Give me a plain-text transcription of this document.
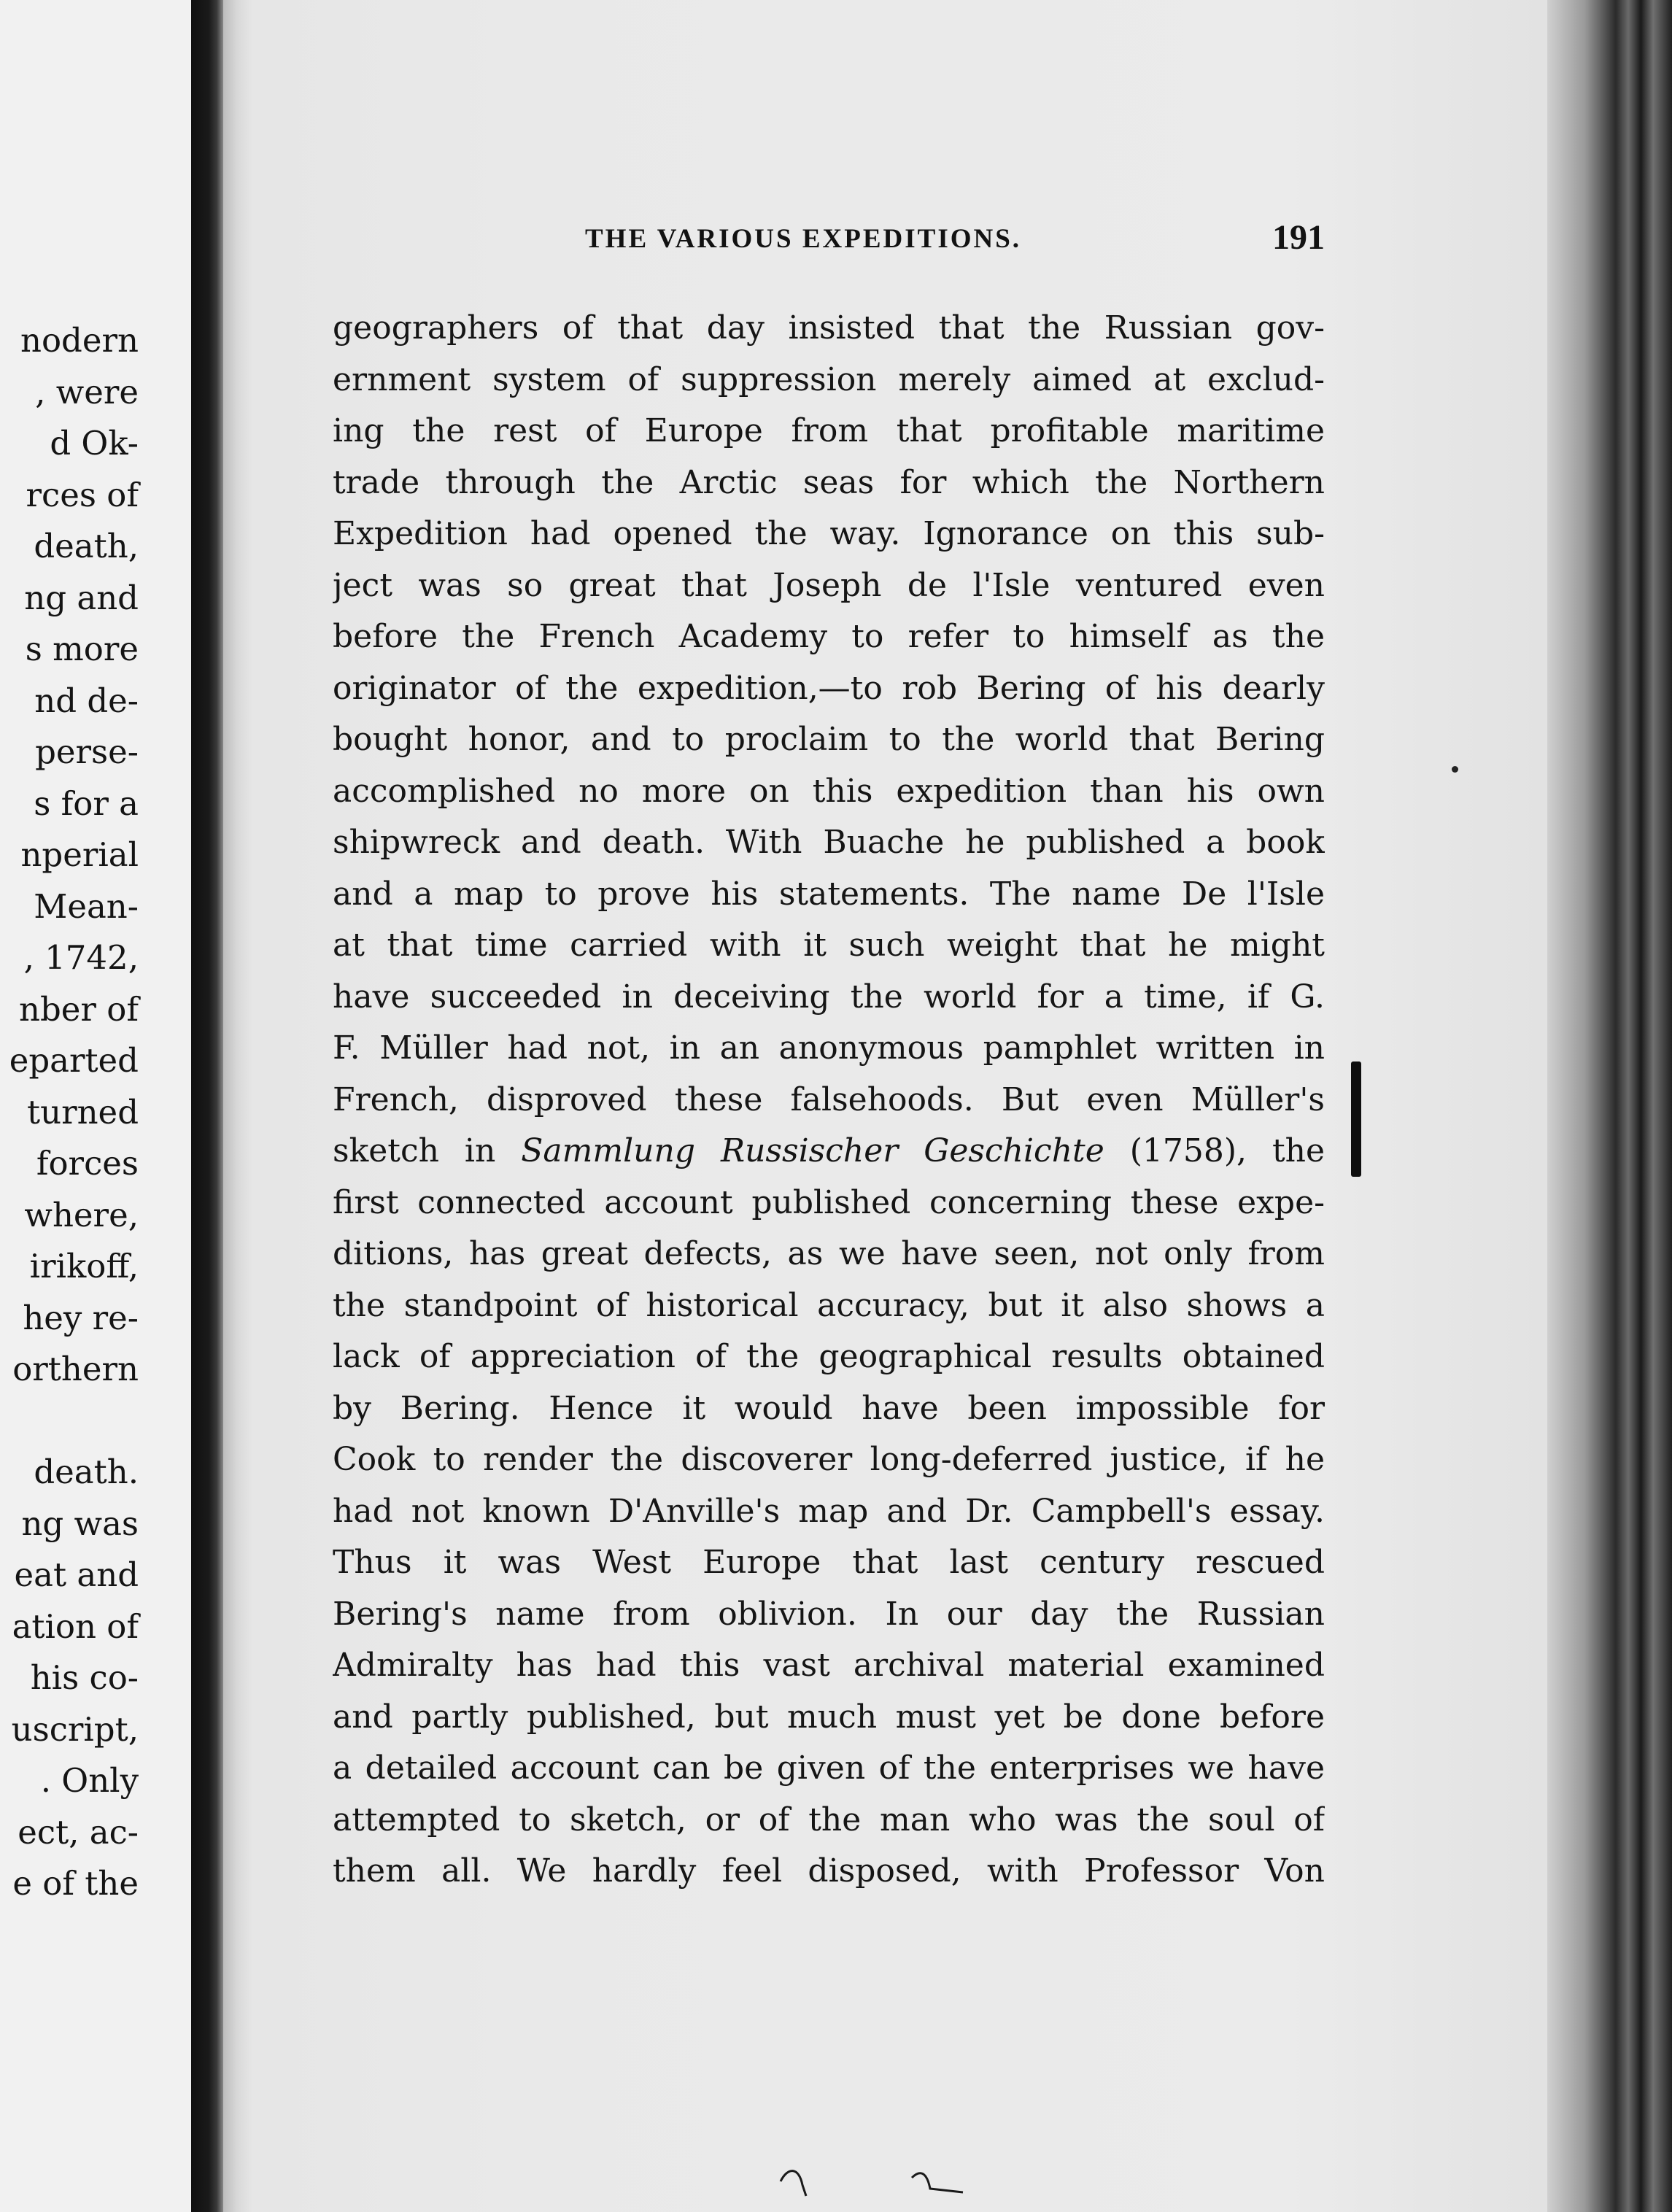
nodern
, were
d Ok-
rces of
death,
ng and
s more
nd de-
perse-
s for a
nperial
Mean-
, 1742,
nber of
eparted
turned
forces
where,
irikoff,
hey re-
orthern
death.
ng was
eat and
ation of
his co-
uscript,
. Only
ect, ac-
e of the
THE VARIOUS EXPEDITIONS.	191
geographers of that day insisted that the Russian gov-
ernment system of suppression merely aimed at exclud-
ing the rest of Europe from that profitable maritime
trade through the Arctic seas for which the Northern
Expedition had opened the way. Ignorance on this sub-
ject was so great that Joseph de l'Isle ventured even
before the French Academy to refer to himself as the
originator of the expedition,—to rob Bering of his dearly
bought honor, and to proclaim to the world that Bering
accomplished no more on this expedition than his own
shipwreck and death. With Buache he published a book
and a map to prove his statements. The name De l'Isle
at that time carried with it such weight that he might
have succeeded in deceiving the world for a time, if G.
F. Müller had not, in an anonymous pamphlet written in
French, disproved these falsehoods. But even Müller's
sketch in Sammlung Russischer Geschichte (1758), the
first connected account published concerning these expe-
ditions, has great defects, as we have seen, not only from
the standpoint of historical accuracy, but it also shows a
lack of appreciation of the geographical results obtained
by Bering. Hence it would have been impossible for
Cook to render the discoverer long-deferred justice, if he
had not known D'Anville's map and Dr. Campbell's essay.
Thus it was West Europe that last century rescued
Bering's name from oblivion. In our day the Russian
Admiralty has had this vast archival material examined
and partly published, but much must yet be done before
a detailed account can be given of the enterprises we have
attempted to sketch, or of the man who was the soul of
them all. We hardly feel disposed, with Professor Von
